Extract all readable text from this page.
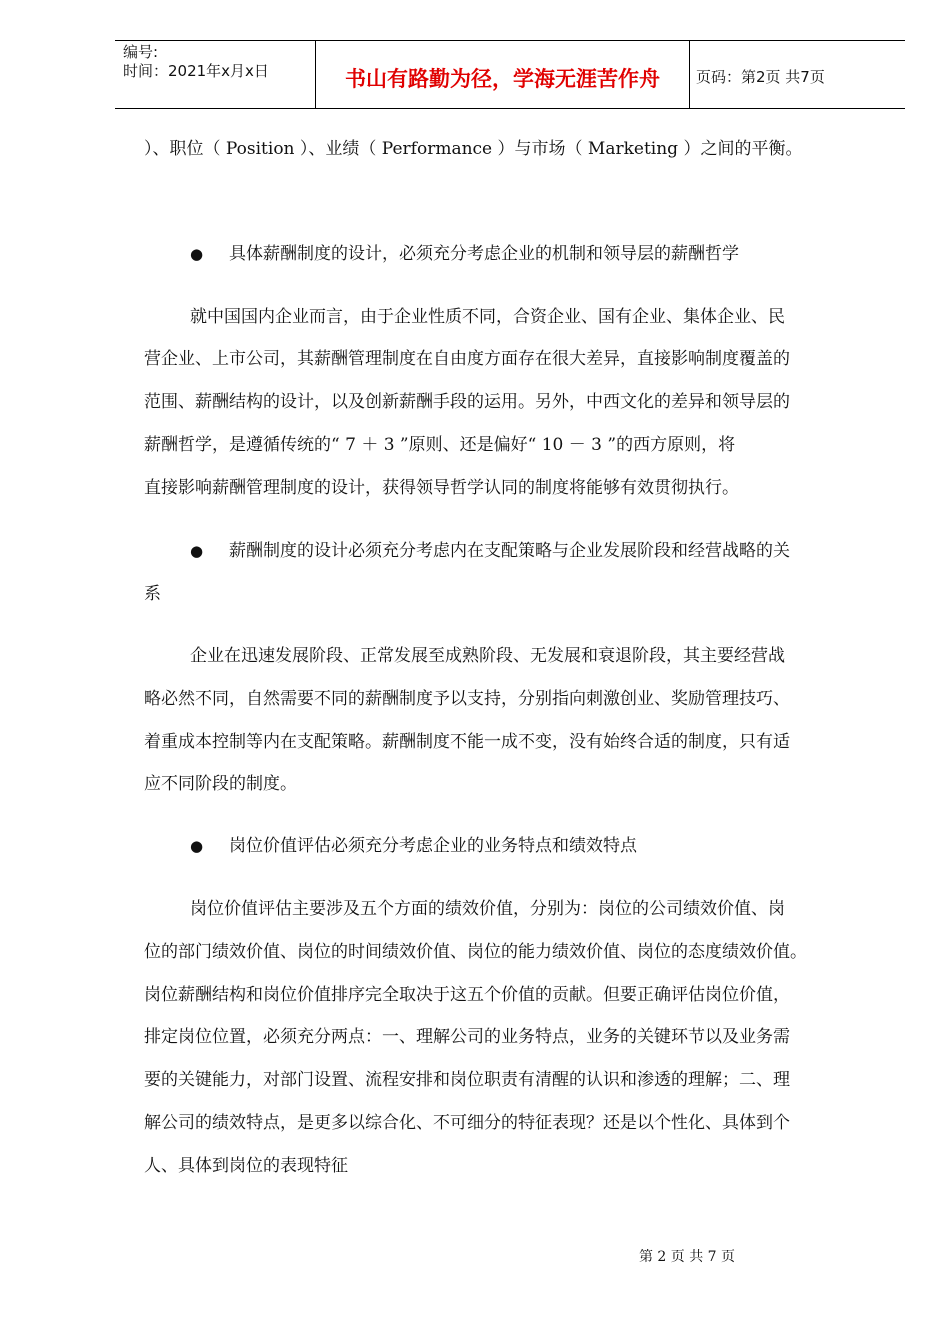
编号:
时间：2021年x月x日	书山有路勤为径，学海无涯苦作舟	页码：第2页 共7页
）、职位（ Position ）、业绩（ Performance ）与市场（ Marketing ）之间的平衡。
● 具体薪酬制度的设计，必须充分考虑企业的机制和领导层的薪酬哲学
就中国国内企业而言，由于企业性质不同，合资企业、国有企业、集体企业、民
营企业、上市公司，其薪酬管理制度在自由度方面存在很大差异，直接影响制度覆盖的
范围、薪酬结构的设计，以及创新薪酬手段的运用。另外，中西文化的差异和领导层的
薪酬哲学，是遵循传统的“ 7 ＋ 3 ”原则、还是偏好“ 10 － 3 ”的西方原则，将
直接影响薪酬管理制度的设计，获得领导哲学认同的制度将能够有效贯彻执行。
● 薪酬制度的设计必须充分考虑内在支配策略与企业发展阶段和经营战略的关
系
企业在迅速发展阶段、正常发展至成熟阶段、无发展和衰退阶段，其主要经营战
略必然不同，自然需要不同的薪酬制度予以支持，分别指向刺激创业、奖励管理技巧、
着重成本控制等内在支配策略。薪酬制度不能一成不变，没有始终合适的制度，只有适
应不同阶段的制度。
● 岗位价值评估必须充分考虑企业的业务特点和绩效特点
岗位价值评估主要涉及五个方面的绩效价值，分别为：岗位的公司绩效价值、岗
位的部门绩效价值、岗位的时间绩效价值、岗位的能力绩效价值、岗位的态度绩效价值。
岗位薪酬结构和岗位价值排序完全取决于这五个价值的贡献。但要正确评估岗位价值，
排定岗位位置，必须充分两点：一、理解公司的业务特点，业务的关键环节以及业务需
要的关键能力，对部门设置、流程安排和岗位职责有清醒的认识和渗透的理解；二、理
解公司的绩效特点，是更多以综合化、不可细分的特征表现？还是以个性化、具体到个
人、具体到岗位的表现特征
第 2 页 共 7 页
